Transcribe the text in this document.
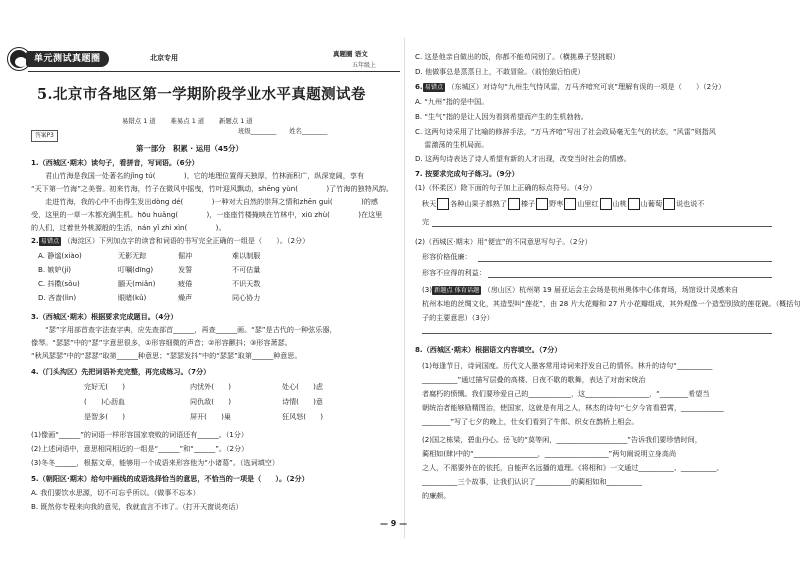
单元测试真题圈	北京专用	真题圈 语文
五年级上
5.北京市各地区第一学期阶段学业水平真题测试卷
易错点 1 道　　 难易点 1 道　　 新题点 1 道
答案P3
班级________　　姓名________
第一部分　积累 · 运用（45分）
1.（西城区·期末）读句子，看拼音，写词语。（6分）
　　君山竹海是我国一处著名的jǐng tú(　　　　)，它的地理位置得天独厚，竹林面积广，纵深宽阔，享有
“天下第一竹海”之美誉。初来竹海，竹子在微风中摇曳，竹叶迎风飘动，shēng yùn(　　　　)了竹海的独特风韵。
　　走进竹海，我的心中不由得生发出dòng dé(　　　　)一种对大自然的崇拜之情和zhēn guì(　　　　)的感
受，这里的一草一木都充满生机。hōu huǎng(　　　　)，一座座竹楼掩映在竹林中，xiū zhù(　　　　)在这里
的人们，过着世外桃源般的生活，nán yǐ zhì xìn(　　　　)。
2. 易错点 （海淀区）下列加点字的读音和词语的书写完全正确的一组是（　　）。（2分）
A. 静谧(xiào)	无影无踪	倔冲	难以制服
B. 嫉妒(jí)	叮嘱(dīng)	发誓	不可估量
C. 抖擞(sǒu)	腼天(miǎn)	疲倦	不识天数
D. 吝啬(lìn)	眼睹(kǔ)	燥声	同心协力
3.（西城区·期末）根据要求完成题目。（4分）
　　“瑟”字用部首查字法查字典，应先查部首______，再查______画。“瑟”是古代的一种弦乐器，
像琴。“瑟瑟”中的“瑟”字意思很多，①形容细微的声音；②形容颤抖；③形容萧瑟。
“秋风瑟瑟”中的“瑟瑟”取第______种意思；“瑟瑟发抖”中的“瑟瑟”取第______种意思。
4.（门头沟区）先把词语补充完整，再完成练习。（7分）
完好无(　　)	内忧外(　　)	处心(　　)虑
(　　)心沥血	同仇敌(　　)	诗情(　　)意
是智多(　　)	屏开(　　)巢	狂风怒(　　)
(1)像画“______”的词语一样形容国家衰败的词语还有______。（1分）
(2)上述词语中，意思相同相近的一组是“______”和“______”。（2分）
(3)冬冬______，根据文章，能够用一个成语来形容他为“小诸葛”。（选词填空）
5.（朝阳区·期末）给句中画线的成语选择恰当的意思，不恰当的一项是（　　）。（2分）
A. 我们要饮水思源，切不可忘乎所以。（做事不忘本）
B. 既然你专程来向我的意见，我就直言不讳了。（打开天窗说亮话）
C. 这是他亲自做出的饭，你都不能苟同别了。（横挑鼻子竖挑眼）
D. 他做事总是蒸蒸日上，不敢冒险。（前怕狼后怕虎）
6. 易错点 （东城区）对诗句“九州生气恃风雷，万马齐喑究可哀”理解有误的一项是（　　）（2分）
A. “九州”指的是中国。
B. “生气”指的是让人因为看到希望而产生的生机勃勃。
C. 这两句诗采用了比喻的修辞手法，“万马齐喑”写出了社会政局毫无生气的状态，“风雷”则指风
　 雷激荡的生机局面。
D. 这两句诗表达了诗人希望有新的人才出现，改变当时社会的情感。
7. 按要求完成句子练习。（9分）
(1)（怀柔区）除下面的句子加上正确的标点符号。（4分）
秋天 各种山果子都熟了 榛子 野枣 山里红 山桃 山葡萄 说也说不
完
(2)（西城区·期末）用“便宜”的不同意思写句子。（2分）
形容价格低廉：
形容不应得的利益：
(3) 新题点 体育话题 （房山区）杭州第 19 届亚运会主会场是杭州奥体中心体育场，场馆设计灵感来自
杭州本地的丝绸文化，其造型叫“莲花”，由 28 片大花瓣和 27 片小花瓣组成，其外观像一个造型别致的莲花碗。（概括句
子的主要意思）（3分）
8.（西城区·期末）根据语文内容填空。（7分）
(1)每逢节日，诗词国度。历代文人墨客常用诗词来抒发自己的情怀。林升的诗句“__________
__________”通过描写层叠的高楼、日夜不歇的歌舞，表达了对南宋统治
者腐朽的愤慨。我们要珍爱自己的____________，这__________________，“________希望当
朝统治者能够励精图治，使国家，这就是有用之人，林杰的诗句“七夕今宵看碧霄，____________
________”写了七夕的晚上，仕女们看到了牛郎、织女在鹊桥上相会。
(2)国之栋梁，碧血丹心。岳飞的“莫等闲，____________________”告诉我们要珍惜时间，
蔺相如(肆)中的“__________________，__________________”两句阐说明立身高尚
之人，不需要外在的依托，自能声名远播的道理。《将相和》一文通过__________、__________、
__________三个故事，让我们认识了__________的蔺相如和__________
的廉颇。
— 9 —
